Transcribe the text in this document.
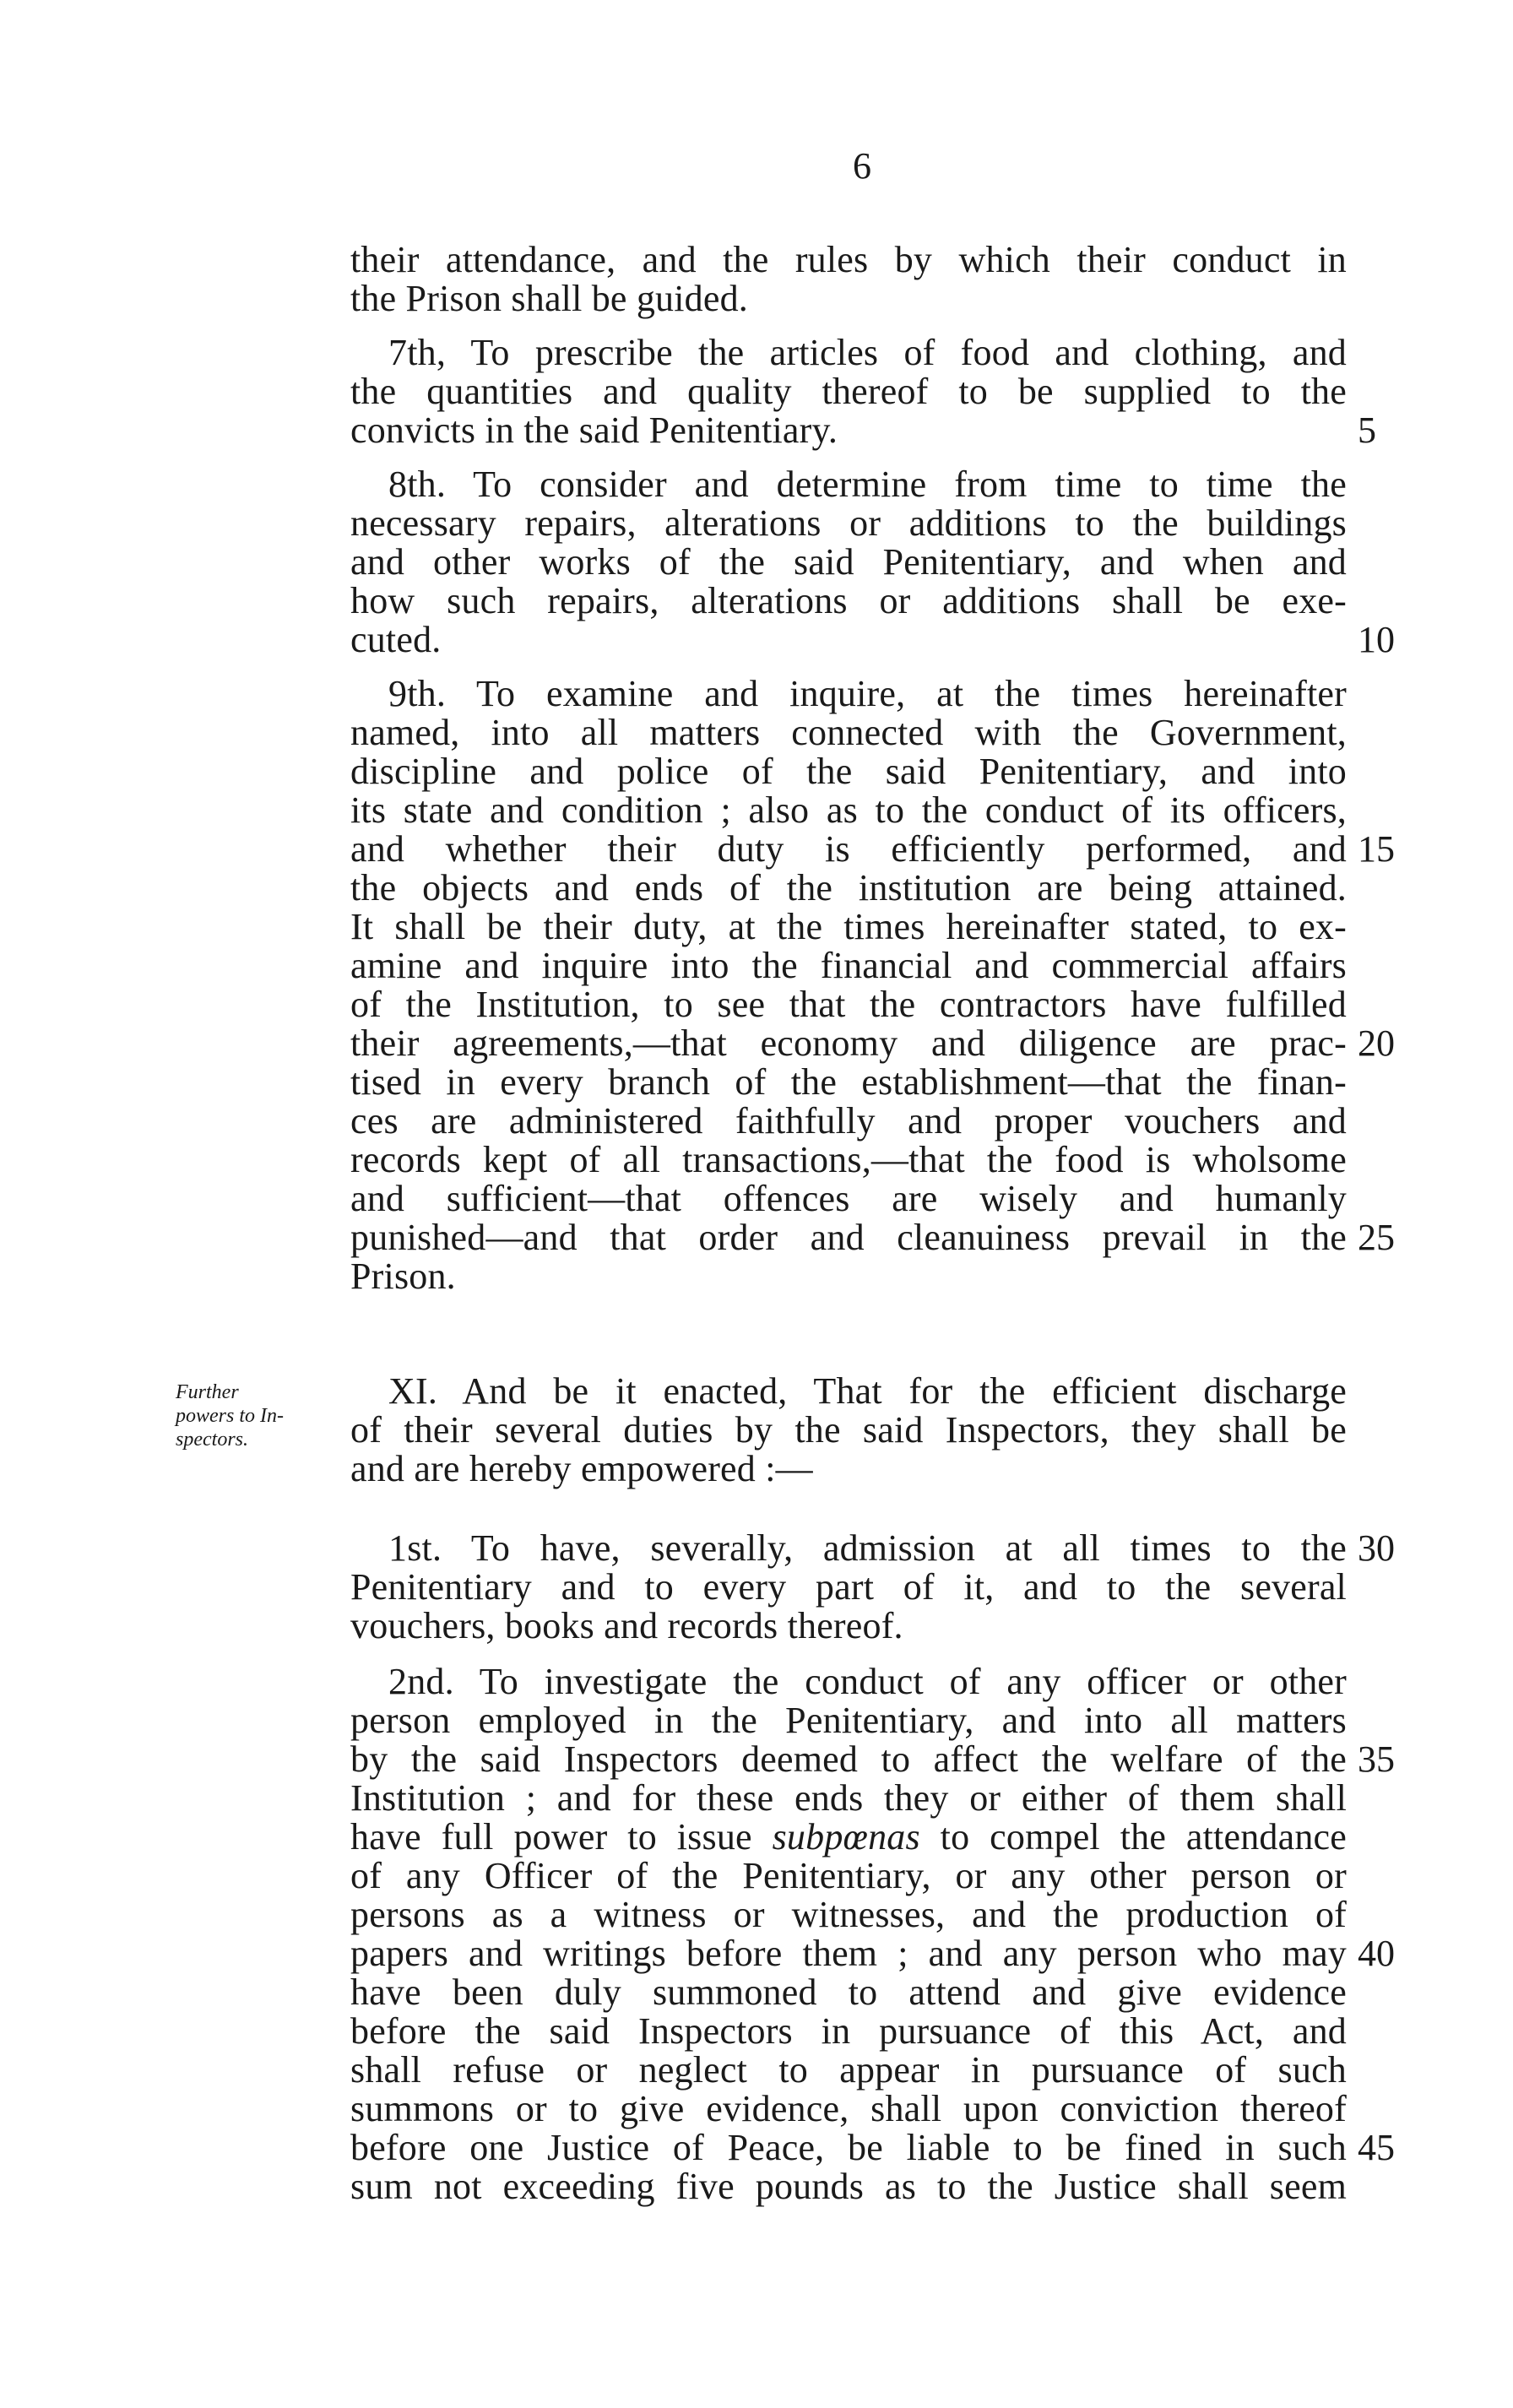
6
Further
powers to In-
spectors.
their attendance, and the rules by which their conduct in
the Prison shall be guided.
7th, To prescribe the articles of food and clothing, and
the quantities and quality thereof to be supplied to the
convicts in the said Penitentiary.
8th. To consider and determine from time to time the
necessary repairs, alterations or additions to the buildings
and other works of the said Penitentiary, and when and
how such repairs, alterations or additions shall be exe-
cuted.
9th. To examine and inquire, at the times hereinafter
named, into all matters connected with the Government,
discipline and police of the said Penitentiary, and into
its state and condition ; also as to the conduct of its officers,
and whether their duty is efficiently performed, and
the objects and ends of the institution are being attained.
It shall be their duty, at the times hereinafter stated, to ex-
amine and inquire into the financial and commercial affairs
of the Institution, to see that the contractors have fulfilled
their agreements,—that economy and diligence are prac-
tised in every branch of the establishment—that the finan-
ces are administered faithfully and proper vouchers and
records kept of all transactions,—that the food is wholsome
and sufficient—that offences are wisely and humanly
punished—and that order and cleanuiness prevail in the
Prison.
XI. And be it enacted, That for the efficient discharge
of their several duties by the said Inspectors, they shall be
and are hereby empowered :—
1st. To have, severally, admission at all times to the
Penitentiary and to every part of it, and to the several
vouchers, books and records thereof.
2nd. To investigate the conduct of any officer or other
person employed in the Penitentiary, and into all matters
by the said Inspectors deemed to affect the welfare of the
Institution ; and for these ends they or either of them shall
have full power to issue subpœnas to compel the attendance
of any Officer of the Penitentiary, or any other person or
persons as a witness or witnesses, and the production of
papers and writings before them ; and any person who may
have been duly summoned to attend and give evidence
before the said Inspectors in pursuance of this Act, and
shall refuse or neglect to appear in pursuance of such
summons or to give evidence, shall upon conviction thereof
before one Justice of Peace, be liable to be fined in such
sum not exceeding five pounds as to the Justice shall seem
5
10
15
20
25
30
35
40
45
